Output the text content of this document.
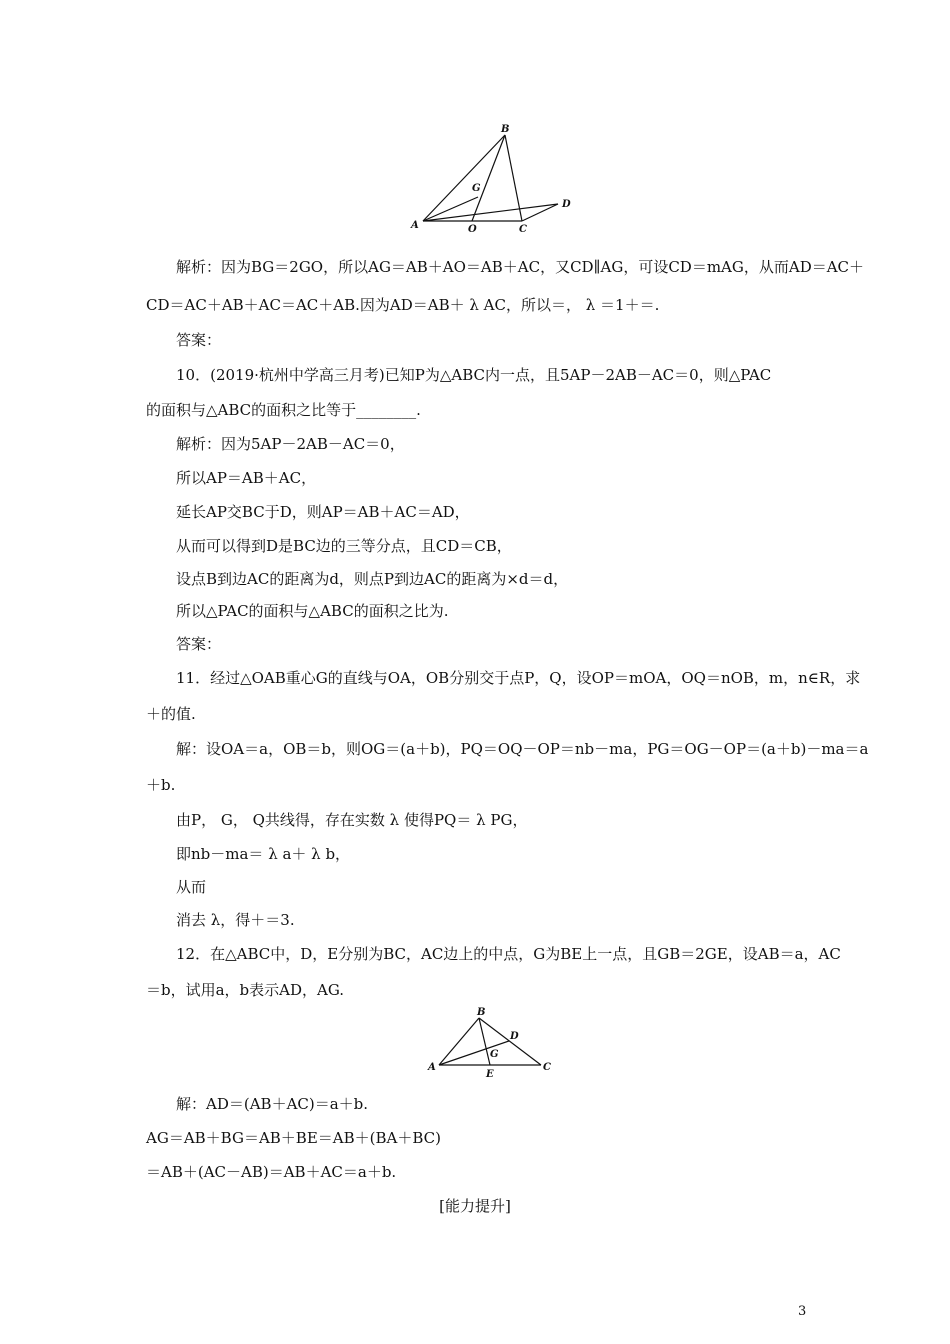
B
G
D
A	O	C
解析：因为BG＝2GO，所以AG＝AB＋AO＝AB＋AC，又CD∥AG，可设CD＝mAG，从而AD＝AC＋
CD＝AC＋AB＋AC＝AC＋AB.因为AD＝AB＋ λ AC，所以＝， λ ＝1＋＝.
答案：
10．(2019·杭州中学高三月考)已知P为△ABC内一点，且5AP－2AB－AC＝0，则△PAC
的面积与△ABC的面积之比等于________.
解析：因为5AP－2AB－AC＝0，
所以AP＝AB＋AC，
延长AP交BC于D，则AP＝AB＋AC＝AD，
从而可以得到D是BC边的三等分点，且CD＝CB，
设点B到边AC的距离为d，则点P到边AC的距离为×d＝d，
所以△PAC的面积与△ABC的面积之比为.
答案：
11．经过△OAB重心G的直线与OA，OB分别交于点P，Q，设OP＝mOA，OQ＝nOB，m，n∈R，求
＋的值.
解：设OA＝a，OB＝b，则OG＝(a＋b)，PQ＝OQ－OP＝nb－ma，PG＝OG－OP＝(a＋b)－ma＝a
＋b.
由P， G， Q共线得，存在实数 λ 使得PQ＝ λ PG，
即nb－ma＝ λ a＋ λ b，
从而
消去 λ，得＋＝3.
12．在△ABC中，D，E分别为BC，AC边上的中点，G为BE上一点，且GB＝2GE，设AB＝a，AC
＝b，试用a，b表示AD，AG.
B
D
G
A
E
C
解：AD＝(AB＋AC)＝a＋b.
AG＝AB＋BG＝AB＋BE＝AB＋(BA＋BC)
＝AB＋(AC－AB)＝AB＋AC＝a＋b.
[能力提升]
3
